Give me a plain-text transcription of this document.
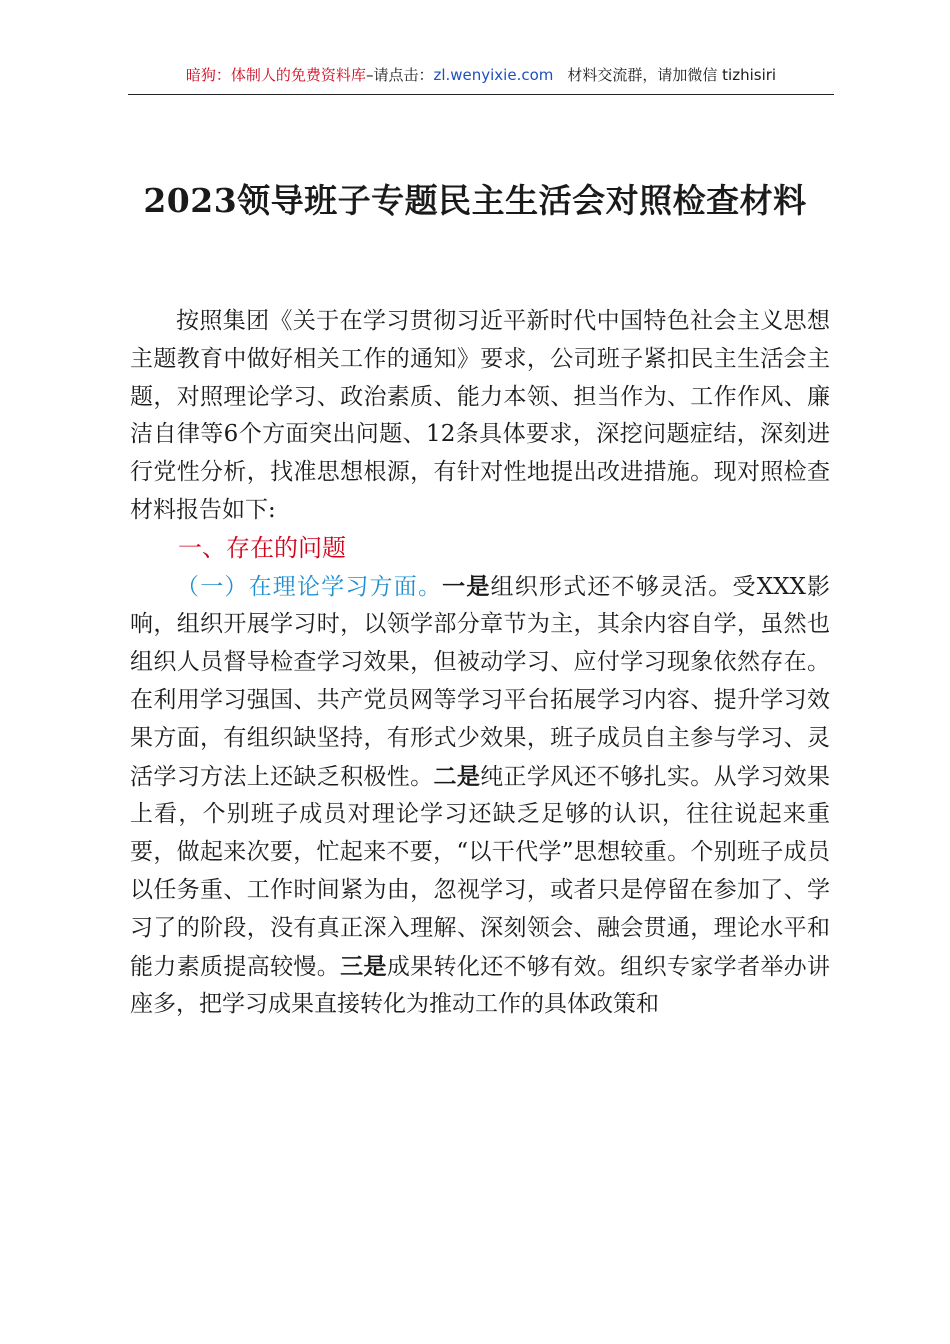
暗狗：体制人的免费资料库–请点击：zl.wenyixie.com 材料交流群，请加微信 tizhisiri
2023领导班子专题民主生活会对照检查材料

按照集团《关于在学习贯彻习近平新时代中国特色社会主义思想主题教育中做好相关工作的通知》要求，公司班子紧扣民主生活会主题，对照理论学习、政治素质、能力本领、担当作为、工作作风、廉洁自律等6个方面突出问题、12条具体要求，深挖问题症结，深刻进行党性分析，找准思想根源，有针对性地提出改进措施。现对照检查材料报告如下:

一、存在的问题

（一）在理论学习方面。一是组织形式还不够灵活。受XXX影响，组织开展学习时，以领学部分章节为主，其余内容自学，虽然也组织人员督导检查学习效果，但被动学习、应付学习现象依然存在。在利用学习强国、共产党员网等学习平台拓展学习内容、提升学习效果方面，有组织缺坚持，有形式少效果，班子成员自主参与学习、灵活学习方法上还缺乏积极性。二是纯正学风还不够扎实。从学习效果上看，个别班子成员对理论学习还缺乏足够的认识，往往说起来重要，做起来次要，忙起来不要，“以干代学”思想较重。个别班子成员以任务重、工作时间紧为由，忽视学习，或者只是停留在参加了、学习了的阶段，没有真正深入理解、深刻领会、融会贯通，理论水平和能力素质提高较慢。三是成果转化还不够有效。组织专家学者举办讲座多，把学习成果直接转化为推动工作的具体政策和
